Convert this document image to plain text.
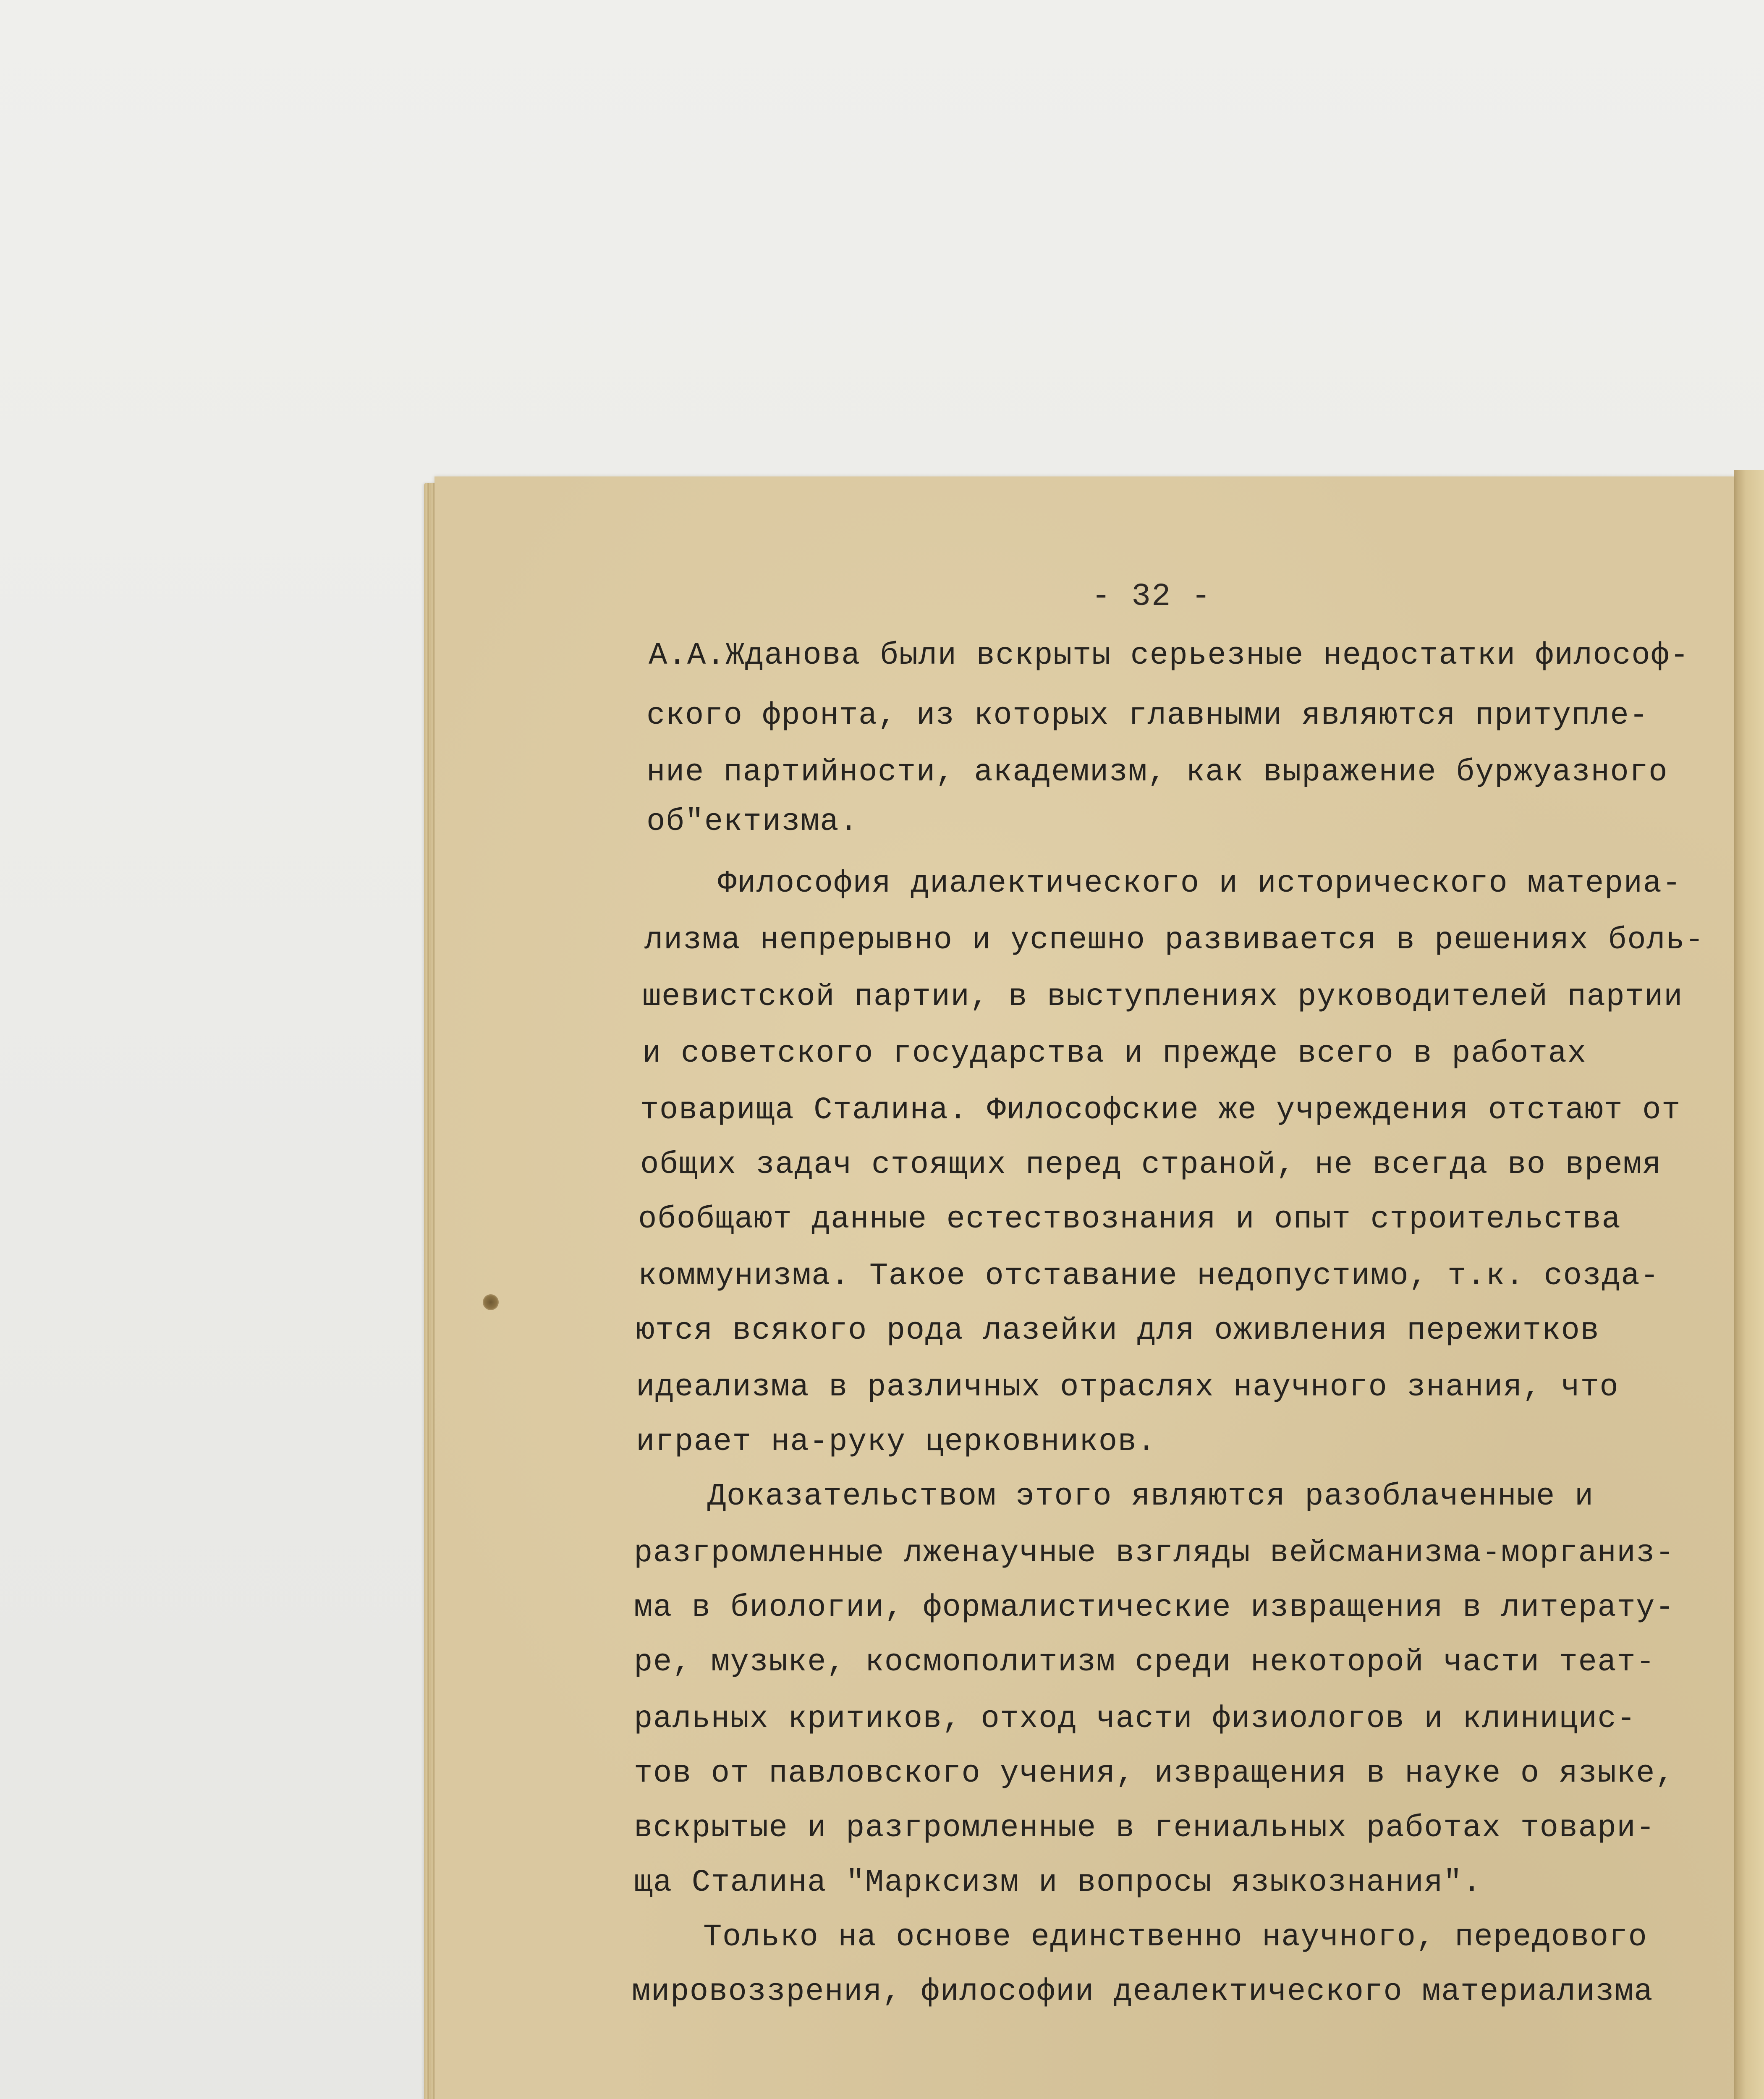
- 32 -
А.А.Жданова были вскрыты серьезные недостатки философ-
ского фронта, из которых главными являются притупле-
ние партийности, академизм, как выражение буржуазного
об"ектизма.
Философия диалектического и исторического материа-
лизма непрерывно и успешно развивается в решениях боль-
шевистской партии, в выступлениях руководителей партии
и советского государства и прежде всего в работах
товарища Сталина. Философские же учреждения отстают от
общих задач стоящих перед страной, не всегда во время
обобщают данные естествознания и опыт строительства
коммунизма. Такое отставание недопустимо, т.к. созда-
ются всякого рода лазейки для оживления пережитков
идеализма в различных отраслях научного знания, что
играет на-руку церковников.
Доказательством этого являются разоблаченные и
разгромленные лженаучные взгляды вейсманизма-морганиз-
ма в биологии, формалистические извращения в литерату-
ре, музыке, космополитизм среди некоторой части теат-
ральных критиков, отход части физиологов и клиницис-
тов от павловского учения, извращения в науке о языке,
вскрытые и разгромленные в гениальных работах товари-
ща Сталина "Марксизм и вопросы языкознания".
Только на основе единственно научного, передового
мировоззрения, философии деалектического материализма
